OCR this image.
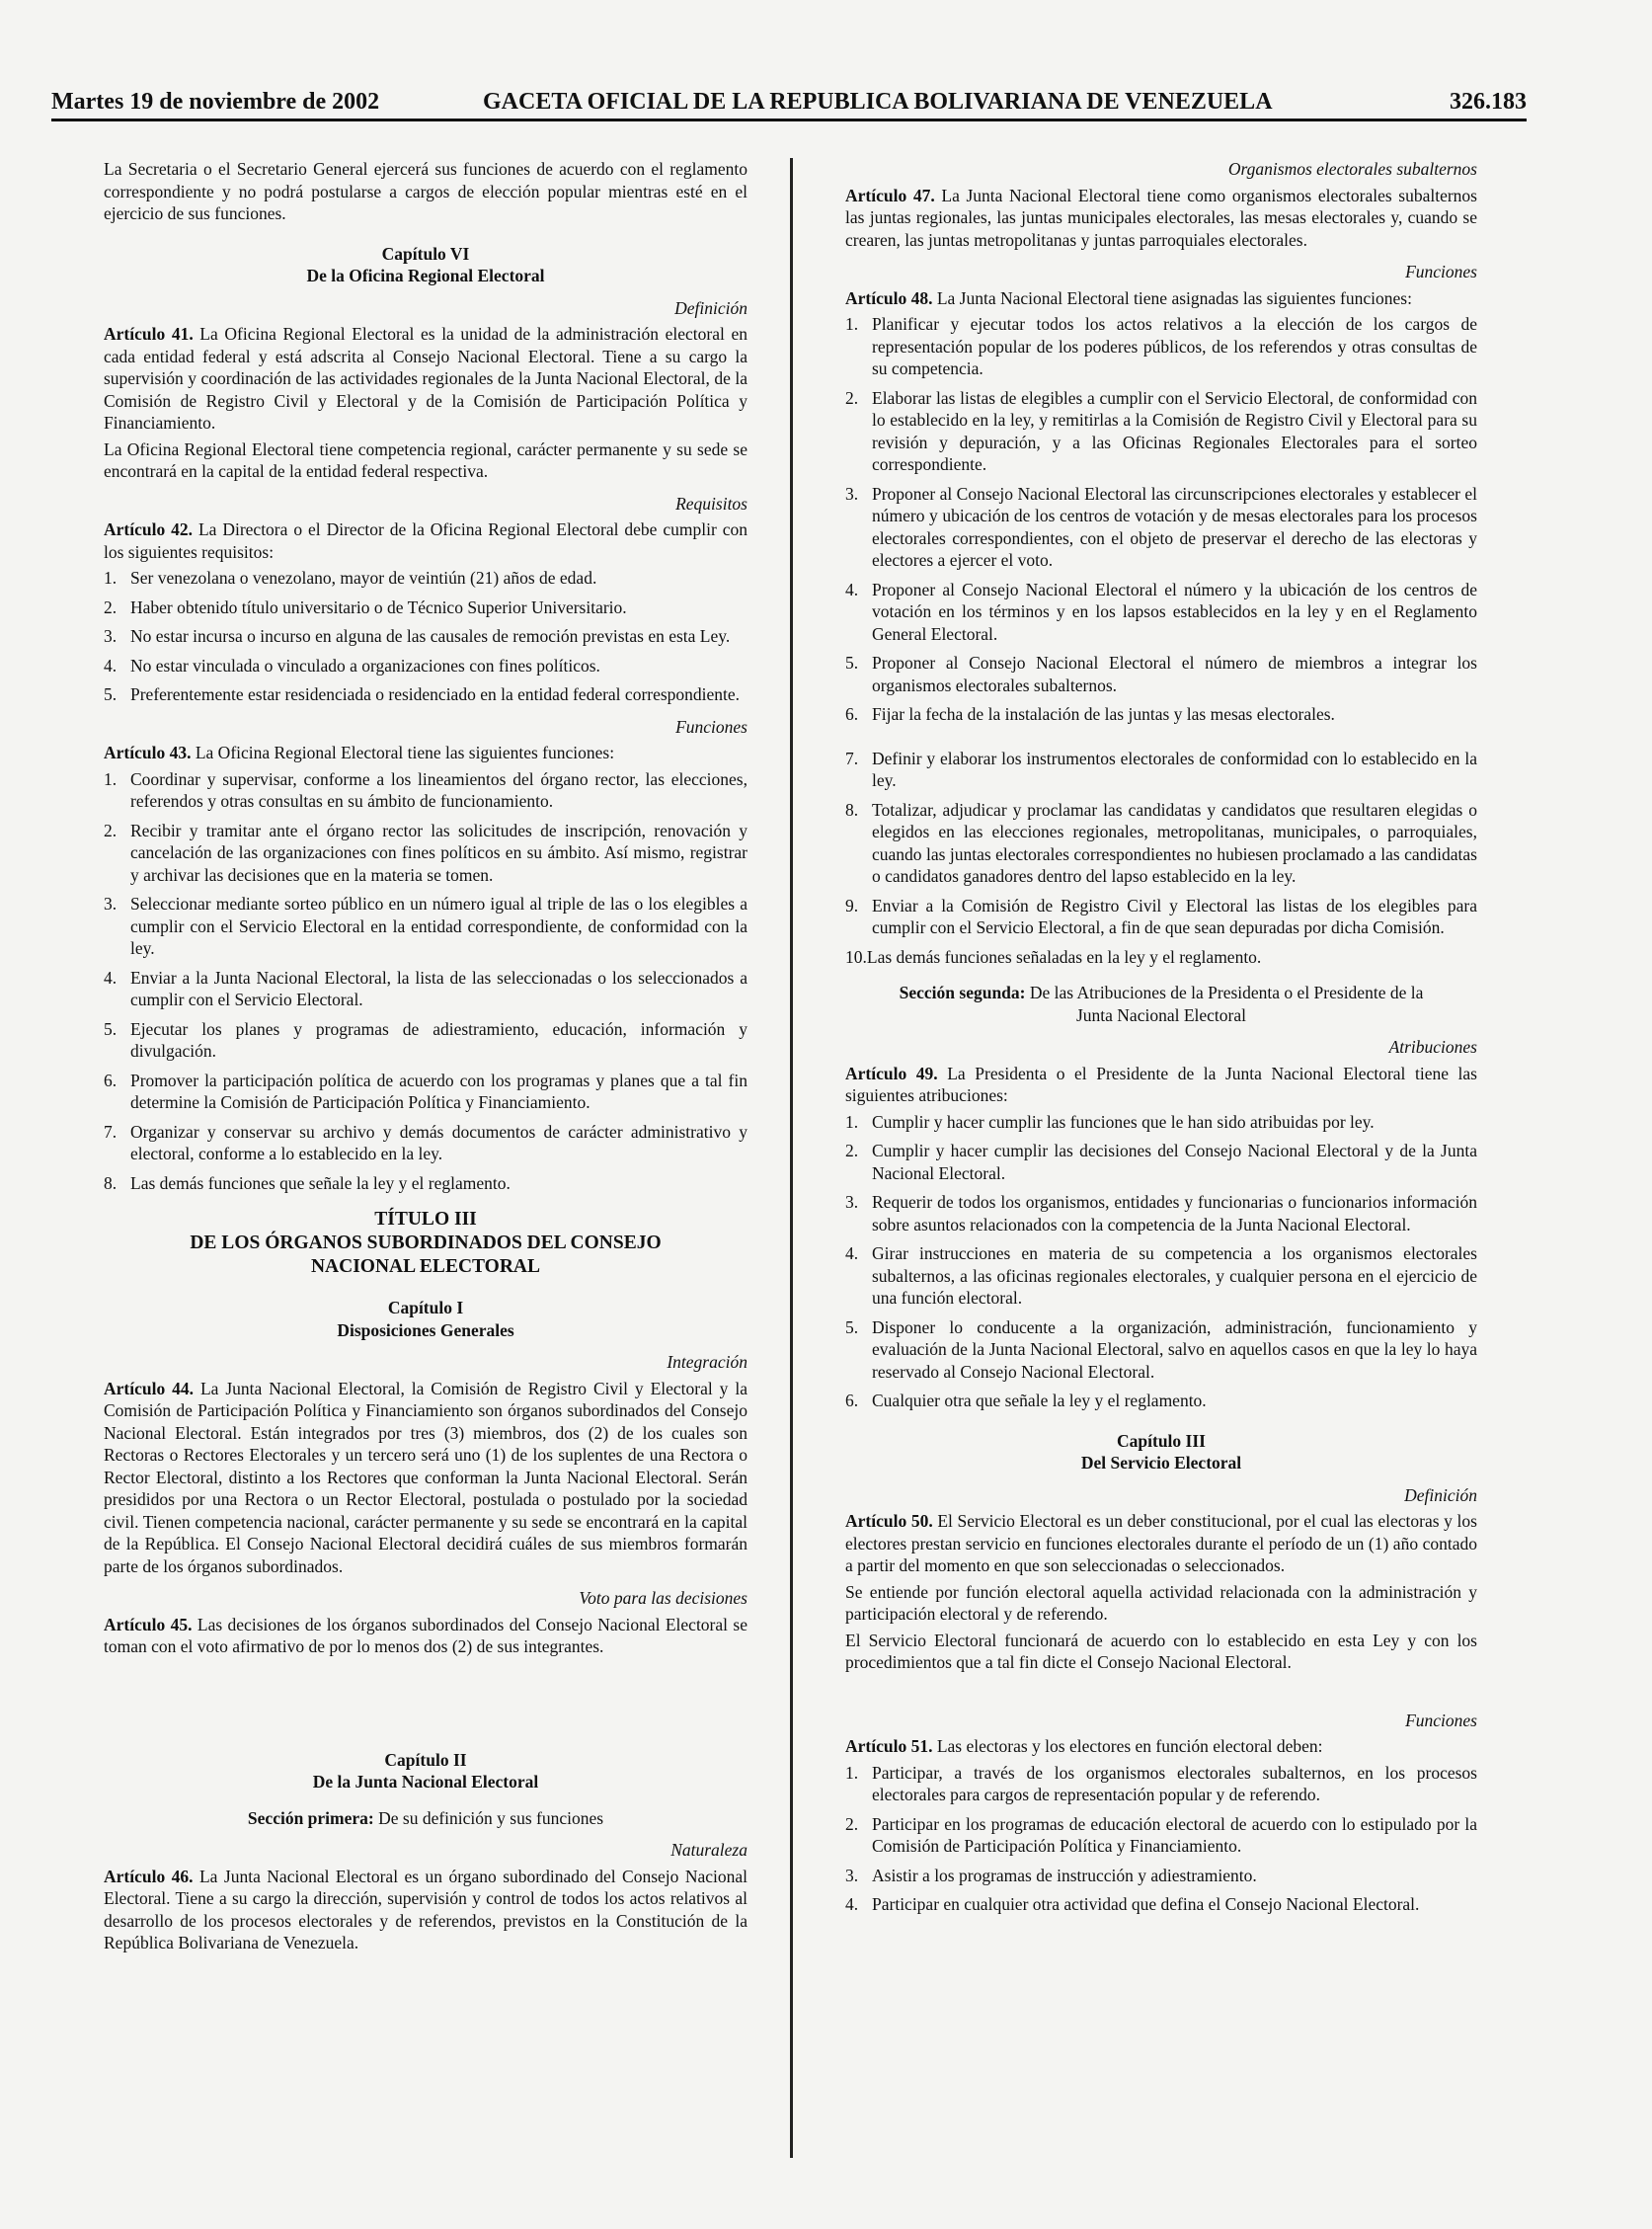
Martes 19 de noviembre de 2002	GACETA OFICIAL DE LA REPUBLICA BOLIVARIANA DE VENEZUELA	326.183

La Secretaria o el Secretario General ejercerá sus funciones de acuerdo con el reglamento correspondiente y no podrá postularse a cargos de elección popular mientras esté en el ejercicio de sus funciones.

Capítulo VI

De la Oficina Regional Electoral

Definición

Artículo 41. La Oficina Regional Electoral es la unidad de la administración electoral en cada entidad federal y está adscrita al Consejo Nacional Electoral. Tiene a su cargo la supervisión y coordinación de las actividades regionales de la Junta Nacional Electoral, de la Comisión de Registro Civil y Electoral y de la Comisión de Participación Política y Financiamiento.

La Oficina Regional Electoral tiene competencia regional, carácter permanente y su sede se encontrará en la capital de la entidad federal respectiva.

Requisitos

Artículo 42. La Directora o el Director de la Oficina Regional Electoral debe cumplir con los siguientes requisitos:

1. Ser venezolana o venezolano, mayor de veintiún (21) años de edad.
2. Haber obtenido título universitario o de Técnico Superior Universitario.
3. No estar incursa o incurso en alguna de las causales de remoción previstas en esta Ley.
4. No estar vinculada o vinculado a organizaciones con fines políticos.
5. Preferentemente estar residenciada o residenciado en la entidad federal correspondiente.

Funciones

Artículo 43. La Oficina Regional Electoral tiene las siguientes funciones:

1. Coordinar y supervisar, conforme a los lineamientos del órgano rector, las elecciones, referendos y otras consultas en su ámbito de funcionamiento.
2. Recibir y tramitar ante el órgano rector las solicitudes de inscripción, renovación y cancelación de las organizaciones con fines políticos en su ámbito. Así mismo, registrar y archivar las decisiones que en la materia se tomen.
3. Seleccionar mediante sorteo público en un número igual al triple de las o los elegibles a cumplir con el Servicio Electoral en la entidad correspondiente, de conformidad con la ley.
4. Enviar a la Junta Nacional Electoral, la lista de las seleccionadas o los seleccionados a cumplir con el Servicio Electoral.
5. Ejecutar los planes y programas de adiestramiento, educación, información y divulgación.
6. Promover la participación política de acuerdo con los programas y planes que a tal fin determine la Comisión de Participación Política y Financiamiento.
7. Organizar y conservar su archivo y demás documentos de carácter administrativo y electoral, conforme a lo establecido en la ley.
8. Las demás funciones que señale la ley y el reglamento.

TÍTULO III

DE LOS ÓRGANOS SUBORDINADOS DEL CONSEJO

NACIONAL ELECTORAL

Capítulo I

Disposiciones Generales

Integración

Artículo 44. La Junta Nacional Electoral, la Comisión de Registro Civil y Electoral y la Comisión de Participación Política y Financiamiento son órganos subordinados del Consejo Nacional Electoral. Están integrados por tres (3) miembros, dos (2) de los cuales son Rectoras o Rectores Electorales y un tercero será uno (1) de los suplentes de una Rectora o Rector Electoral, distinto a los Rectores que conforman la Junta Nacional Electoral. Serán presididos por una Rectora o un Rector Electoral, postulada o postulado por la sociedad civil. Tienen competencia nacional, carácter permanente y su sede se encontrará en la capital de la República. El Consejo Nacional Electoral decidirá cuáles de sus miembros formarán parte de los órganos subordinados.

Voto para las decisiones

Artículo 45. Las decisiones de los órganos subordinados del Consejo Nacional Electoral se toman con el voto afirmativo de por lo menos dos (2) de sus integrantes.

Capítulo II

De la Junta Nacional Electoral

Sección primera: De su definición y sus funciones

Naturaleza

Artículo 46. La Junta Nacional Electoral es un órgano subordinado del Consejo Nacional Electoral. Tiene a su cargo la dirección, supervisión y control de todos los actos relativos al desarrollo de los procesos electorales y de referendos, previstos en la Constitución de la República Bolivariana de Venezuela.

Organismos electorales subalternos

Artículo 47. La Junta Nacional Electoral tiene como organismos electorales subalternos las juntas regionales, las juntas municipales electorales, las mesas electorales y, cuando se crearen, las juntas metropolitanas y juntas parroquiales electorales.

Funciones

Artículo 48. La Junta Nacional Electoral tiene asignadas las siguientes funciones:

1. Planificar y ejecutar todos los actos relativos a la elección de los cargos de representación popular de los poderes públicos, de los referendos y otras consultas de su competencia.
2. Elaborar las listas de elegibles a cumplir con el Servicio Electoral, de conformidad con lo establecido en la ley, y remitirlas a la Comisión de Registro Civil y Electoral para su revisión y depuración, y a las Oficinas Regionales Electorales para el sorteo correspondiente.
3. Proponer al Consejo Nacional Electoral las circunscripciones electorales y establecer el número y ubicación de los centros de votación y de mesas electorales para los procesos electorales correspondientes, con el objeto de preservar el derecho de las electoras y electores a ejercer el voto.
4. Proponer al Consejo Nacional Electoral el número y la ubicación de los centros de votación en los términos y en los lapsos establecidos en la ley y en el Reglamento General Electoral.
5. Proponer al Consejo Nacional Electoral el número de miembros a integrar los organismos electorales subalternos.
6. Fijar la fecha de la instalación de las juntas y las mesas electorales.
7. Definir y elaborar los instrumentos electorales de conformidad con lo establecido en la ley.
8. Totalizar, adjudicar y proclamar las candidatas y candidatos que resultaren elegidas o elegidos en las elecciones regionales, metropolitanas, municipales, o parroquiales, cuando las juntas electorales correspondientes no hubiesen proclamado a las candidatas o candidatos ganadores dentro del lapso establecido en la ley.
9. Enviar a la Comisión de Registro Civil y Electoral las listas de los elegibles para cumplir con el Servicio Electoral, a fin de que sean depuradas por dicha Comisión.
10.Las demás funciones señaladas en la ley y el reglamento.

Sección segunda: De las Atribuciones de la Presidenta o el Presidente de la

Junta Nacional Electoral

Atribuciones

Artículo 49. La Presidenta o el Presidente de la Junta Nacional Electoral tiene las siguientes atribuciones:

1. Cumplir y hacer cumplir las funciones que le han sido atribuidas por ley.
2. Cumplir y hacer cumplir las decisiones del Consejo Nacional Electoral y de la Junta Nacional Electoral.
3. Requerir de todos los organismos, entidades y funcionarias o funcionarios información sobre asuntos relacionados con la competencia de la Junta Nacional Electoral.
4. Girar instrucciones en materia de su competencia a los organismos electorales subalternos, a las oficinas regionales electorales, y cualquier persona en el ejercicio de una función electoral.
5. Disponer lo conducente a la organización, administración, funcionamiento y evaluación de la Junta Nacional Electoral, salvo en aquellos casos en que la ley lo haya reservado al Consejo Nacional Electoral.
6. Cualquier otra que señale la ley y el reglamento.

Capítulo III

Del Servicio Electoral

Definición

Artículo 50. El Servicio Electoral es un deber constitucional, por el cual las electoras y los electores prestan servicio en funciones electorales durante el período de un (1) año contado a partir del momento en que son seleccionadas o seleccionados.

Se entiende por función electoral aquella actividad relacionada con la administración y participación electoral y de referendo.

El Servicio Electoral funcionará de acuerdo con lo establecido en esta Ley y con los procedimientos que a tal fin dicte el Consejo Nacional Electoral.

Funciones

Artículo 51. Las electoras y los electores en función electoral deben:

1. Participar, a través de los organismos electorales subalternos, en los procesos electorales para cargos de representación popular y de referendo.
2. Participar en los programas de educación electoral de acuerdo con lo estipulado por la Comisión de Participación Política y Financiamiento.
3. Asistir a los programas de instrucción y adiestramiento.
4. Participar en cualquier otra actividad que defina el Consejo Nacional Electoral.
